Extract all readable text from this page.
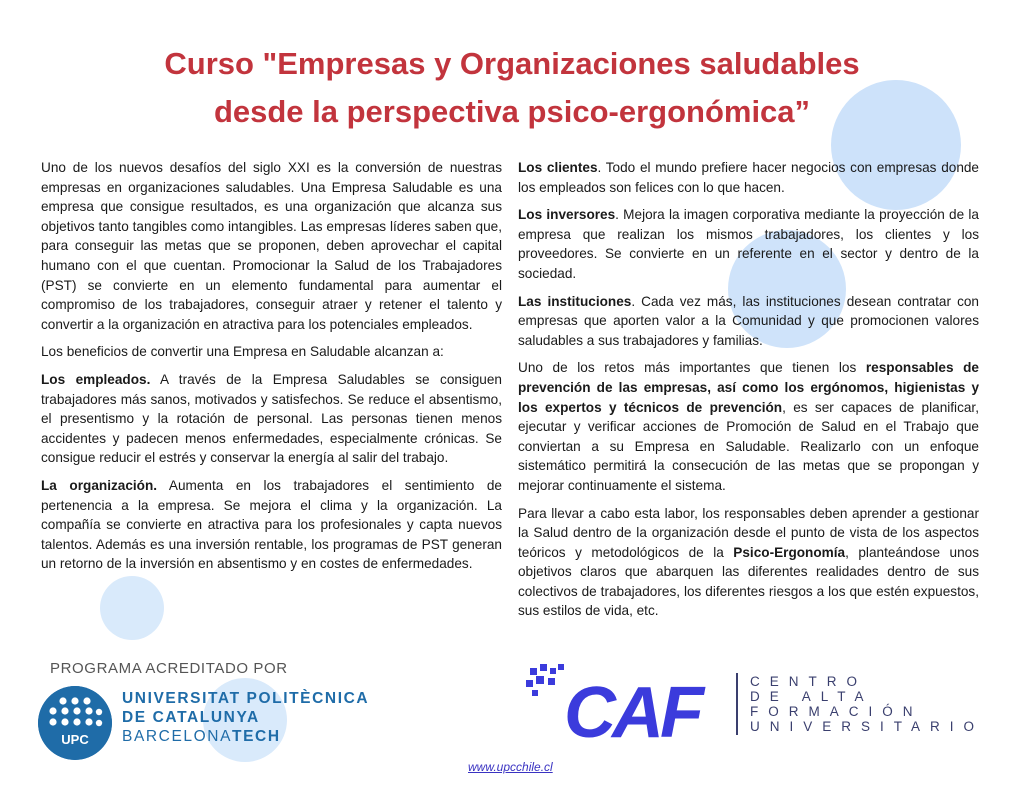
Curso "Empresas y Organizaciones saludables
desde la perspectiva psico-ergonómica”

Uno de los nuevos desafíos del siglo XXI es la conversión de nuestras empresas en organizaciones saludables. Una Empresa Saludable es una empresa que consigue resultados, es una organización que alcanza sus objetivos tanto tangibles como intangibles. Las empresas líderes saben que, para conseguir las metas que se proponen, deben aprovechar el capital humano con el que cuentan. Promocionar la Salud de los Trabajadores (PST) se convierte en un elemento fundamental para aumentar el compromiso de los trabajadores, conseguir atraer y retener el talento y convertir a la organización en atractiva para los potenciales empleados.

Los beneficios de convertir una Empresa en Saludable alcanzan a:

Los empleados. A través de la Empresa Saludables se consiguen trabajadores más sanos, motivados y satisfechos. Se reduce el absentismo, el presentismo y la rotación de personal. Las personas tienen menos accidentes y padecen menos enfermedades, especialmente crónicas. Se consigue reducir el estrés y conservar la energía al salir del trabajo.

La organización. Aumenta en los trabajadores el sentimiento de pertenencia a la empresa. Se mejora el clima y la organización. La compañía se convierte en atractiva para los profesionales y capta nuevos talentos. Además es una inversión rentable, los programas de PST generan un retorno de la inversión en absentismo y en costes de enfermedades.

Los clientes. Todo el mundo prefiere hacer negocios con empresas donde los empleados son felices con lo que hacen.

Los inversores. Mejora la imagen corporativa mediante la proyección de la empresa que realizan los mismos trabajadores, los clientes y los proveedores. Se convierte en un referente en el sector y dentro de la sociedad.

Las instituciones. Cada vez más, las instituciones desean contratar con empresas que aporten valor a la Comunidad y que promocionen valores saludables a sus trabajadores y familias.

Uno de los retos más importantes que tienen los responsables de prevención de las empresas, así como los ergónomos, higienistas y los expertos y técnicos de prevención, es ser capaces de planificar, ejecutar y verificar acciones de Promoción de Salud en el Trabajo que conviertan a su Empresa en Saludable. Realizarlo con un enfoque sistemático permitirá la consecución de las metas que se propongan y mejorar continuamente el sistema.

Para llevar a cabo esta labor, los responsables deben aprender a gestionar la Salud dentro de la organización desde el punto de vista de los aspectos teóricos y metodológicos de la Psico-Ergonomía, planteándose unos objetivos claros que abarquen las diferentes realidades dentro de sus colectivos de trabajadores, los diferentes riesgos a los que estén expuestos, sus estilos de vida, etc.

PROGRAMA ACREDITADO POR
UPC
UNIVERSITAT POLITÈCNICA
DE CATALUNYA
BARCELONATECH	CAF	CENTRO
DE ALTA
FORMACIÓN
UNIVERSITARIO
www.upcchile.cl
